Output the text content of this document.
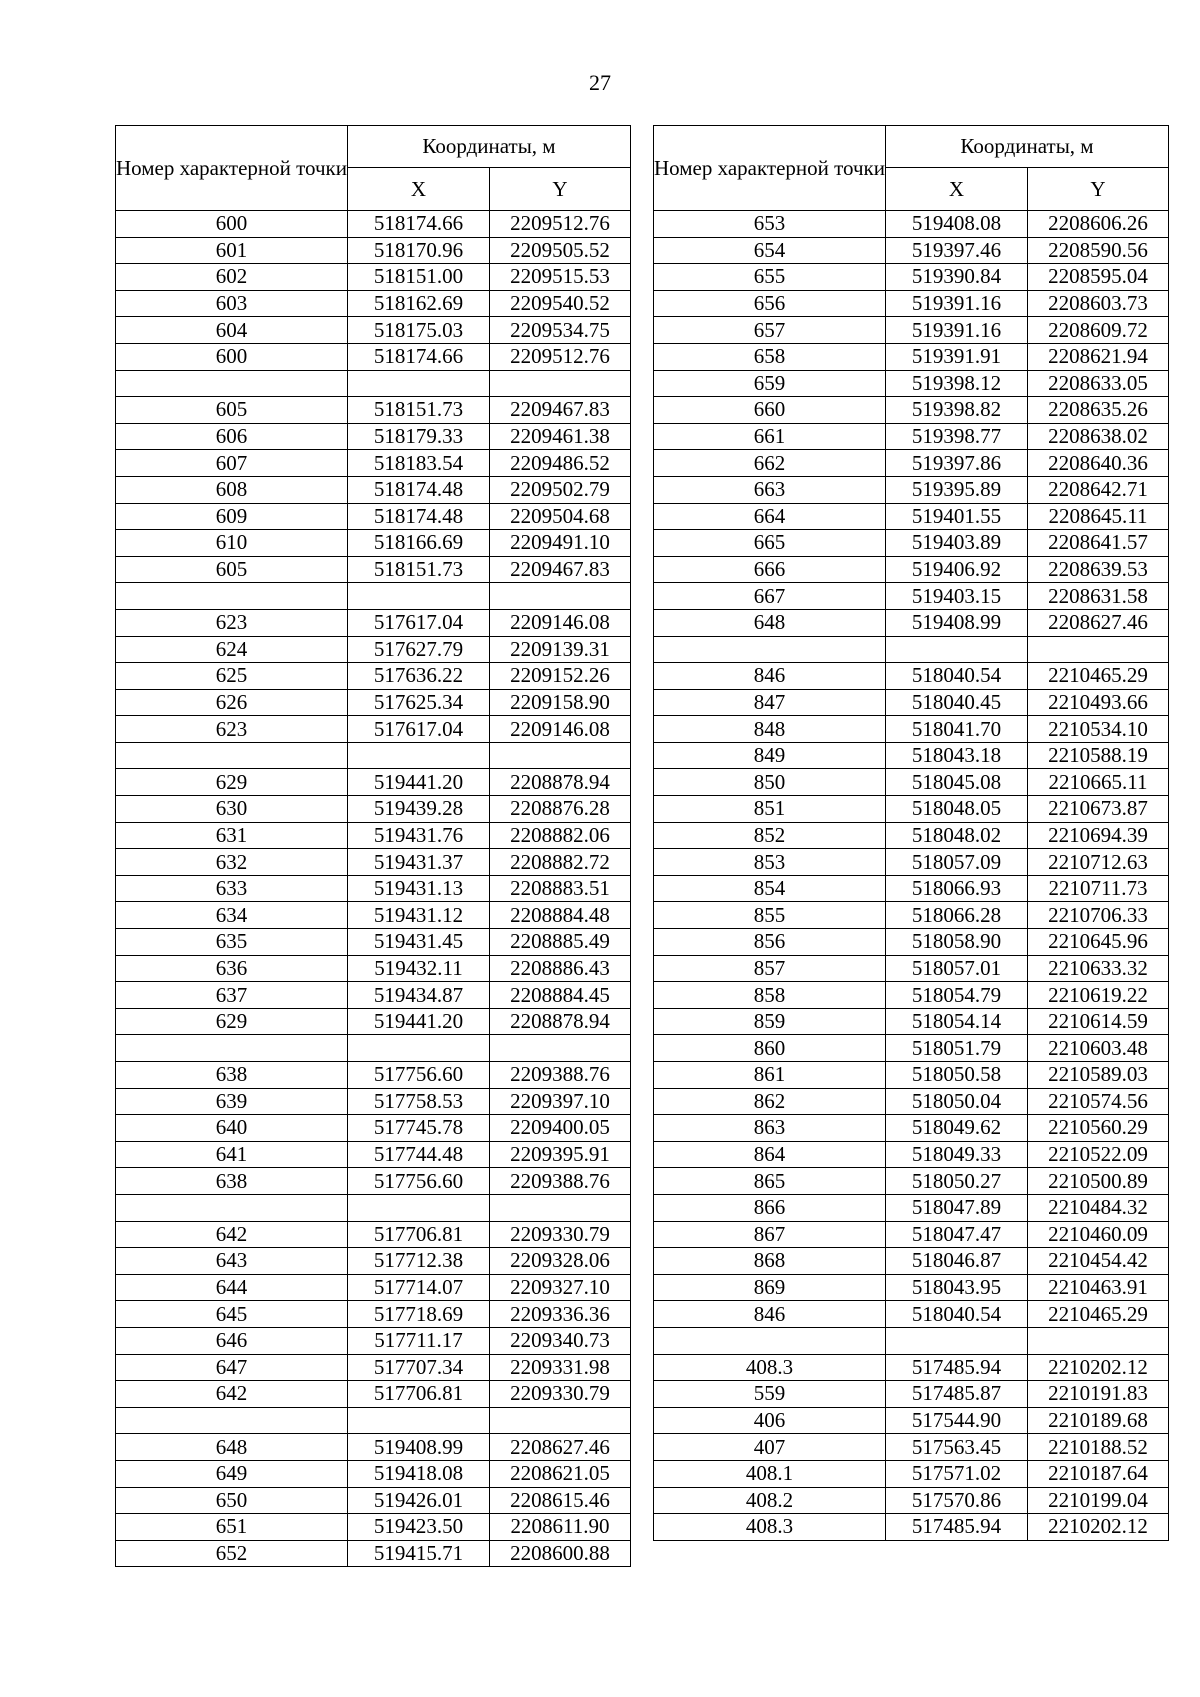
27
Номер характерной точки	Координаты, м	
	X	Y
600	518174.66	2209512.76
601	518170.96	2209505.52
602	518151.00	2209515.53
603	518162.69	2209540.52
604	518175.03	2209534.75
600	518174.66	2209512.76

605	518151.73	2209467.83
606	518179.33	2209461.38
607	518183.54	2209486.52
608	518174.48	2209502.79
609	518174.48	2209504.68
610	518166.69	2209491.10
605	518151.73	2209467.83

623	517617.04	2209146.08
624	517627.79	2209139.31
625	517636.22	2209152.26
626	517625.34	2209158.90
623	517617.04	2209146.08

629	519441.20	2208878.94
630	519439.28	2208876.28
631	519431.76	2208882.06
632	519431.37	2208882.72
633	519431.13	2208883.51
634	519431.12	2208884.48
635	519431.45	2208885.49
636	519432.11	2208886.43
637	519434.87	2208884.45
629	519441.20	2208878.94

638	517756.60	2209388.76
639	517758.53	2209397.10
640	517745.78	2209400.05
641	517744.48	2209395.91
638	517756.60	2209388.76

642	517706.81	2209330.79
643	517712.38	2209328.06
644	517714.07	2209327.10
645	517718.69	2209336.36
646	517711.17	2209340.73
647	517707.34	2209331.98
642	517706.81	2209330.79

648	519408.99	2208627.46
649	519418.08	2208621.05
650	519426.01	2208615.46
651	519423.50	2208611.90
652	519415.71	2208600.88
Номер характерной точки	Координаты, м	
	X	Y
653	519408.08	2208606.26
654	519397.46	2208590.56
655	519390.84	2208595.04
656	519391.16	2208603.73
657	519391.16	2208609.72
658	519391.91	2208621.94
659	519398.12	2208633.05
660	519398.82	2208635.26
661	519398.77	2208638.02
662	519397.86	2208640.36
663	519395.89	2208642.71
664	519401.55	2208645.11
665	519403.89	2208641.57
666	519406.92	2208639.53
667	519403.15	2208631.58
648	519408.99	2208627.46

846	518040.54	2210465.29
847	518040.45	2210493.66
848	518041.70	2210534.10
849	518043.18	2210588.19
850	518045.08	2210665.11
851	518048.05	2210673.87
852	518048.02	2210694.39
853	518057.09	2210712.63
854	518066.93	2210711.73
855	518066.28	2210706.33
856	518058.90	2210645.96
857	518057.01	2210633.32
858	518054.79	2210619.22
859	518054.14	2210614.59
860	518051.79	2210603.48
861	518050.58	2210589.03
862	518050.04	2210574.56
863	518049.62	2210560.29
864	518049.33	2210522.09
865	518050.27	2210500.89
866	518047.89	2210484.32
867	518047.47	2210460.09
868	518046.87	2210454.42
869	518043.95	2210463.91
846	518040.54	2210465.29

408.3	517485.94	2210202.12
559	517485.87	2210191.83
406	517544.90	2210189.68
407	517563.45	2210188.52
408.1	517571.02	2210187.64
408.2	517570.86	2210199.04
408.3	517485.94	2210202.12
